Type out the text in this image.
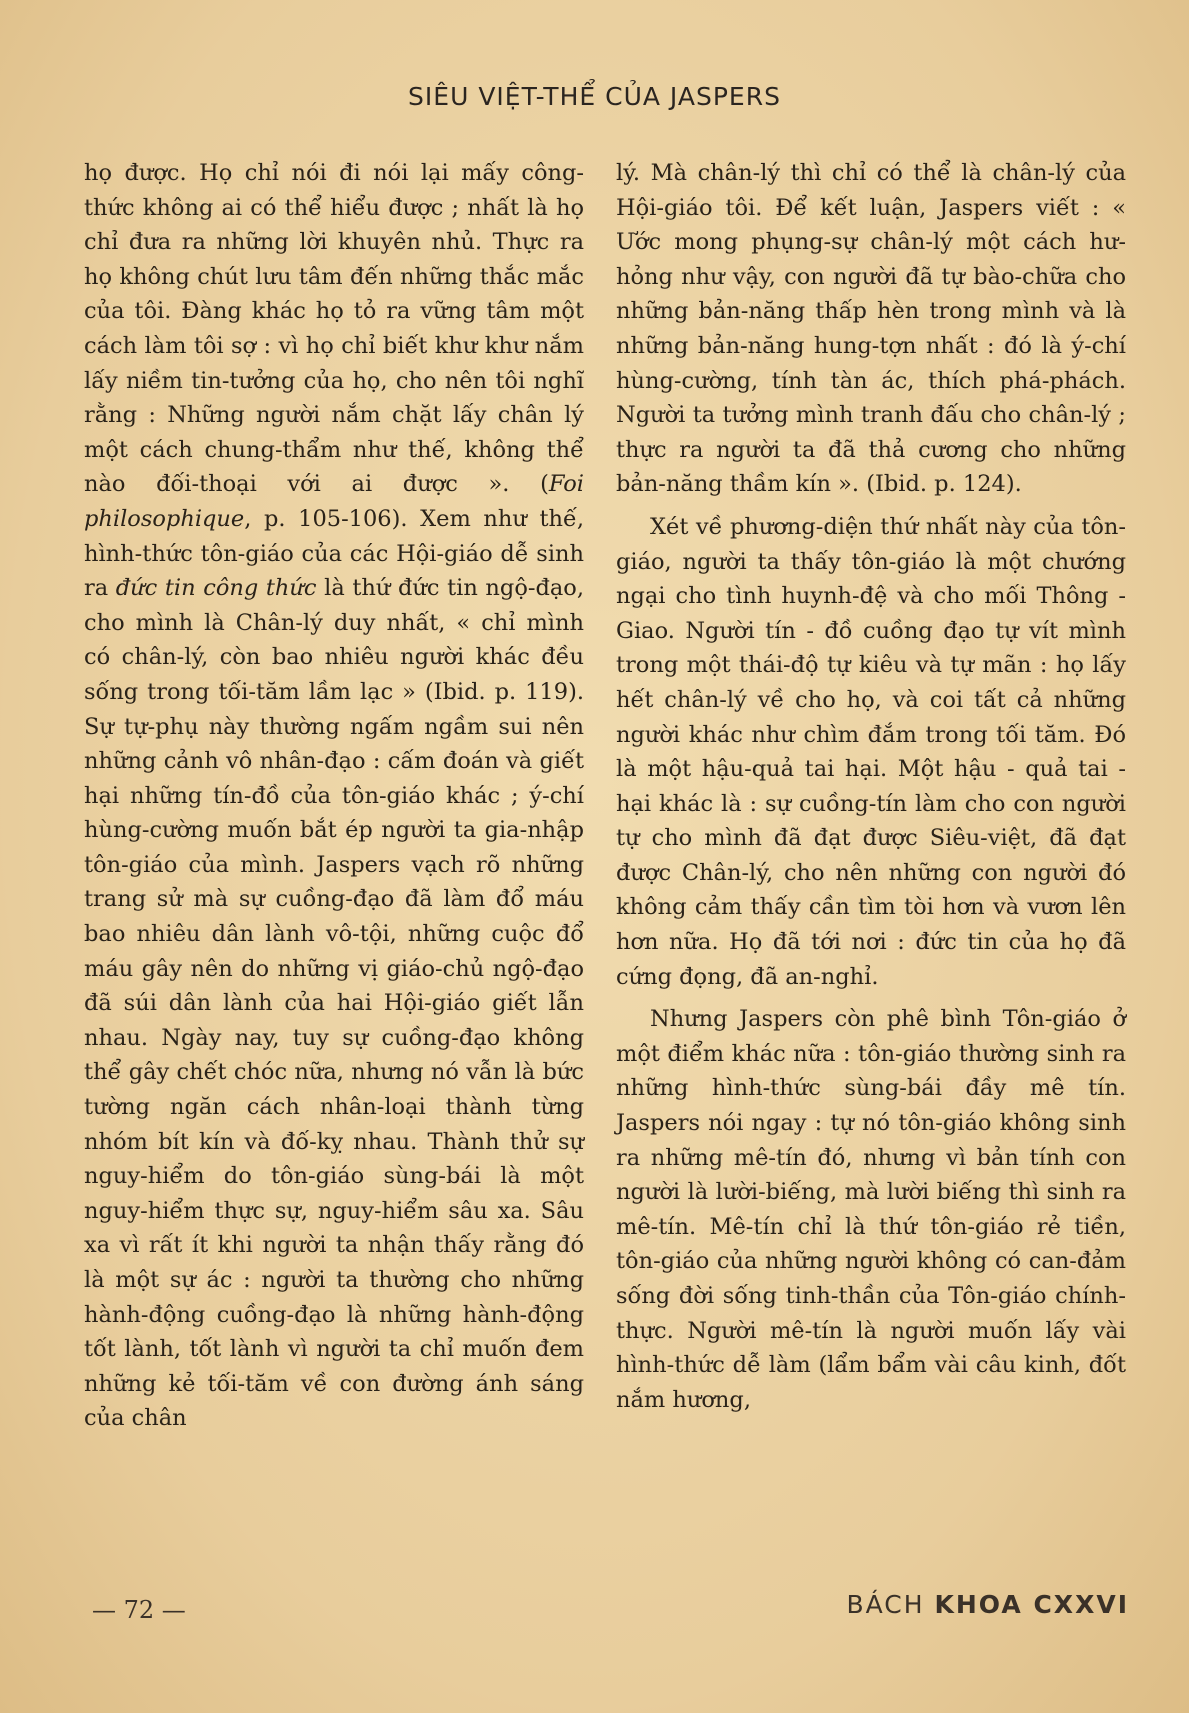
SIÊU VIỆT-THỂ CỦA JASPERS

họ được. Họ chỉ nói đi nói lại mấy công-thức không ai có thể hiểu được ; nhất là họ chỉ đưa ra những lời khuyên nhủ. Thực ra họ không chút lưu tâm đến những thắc mắc của tôi. Đàng khác họ tỏ ra vững tâm một cách làm tôi sợ : vì họ chỉ biết khư khư nắm lấy niềm tin-tưởng của họ, cho nên tôi nghĩ rằng : Những người nắm chặt lấy chân lý một cách chung-thẩm như thế, không thể nào đối-thoại với ai được ». (Foi philosophique, p. 105-106). Xem như thế, hình-thức tôn-giáo của các Hội-giáo dễ sinh ra đức tin công thức là thứ đức tin ngộ-đạo, cho mình là Chân-lý duy nhất, « chỉ mình có chân-lý, còn bao nhiêu người khác đều sống trong tối-tăm lầm lạc » (Ibid. p. 119). Sự tự-phụ này thường ngấm ngầm sui nên những cảnh vô nhân-đạo : cấm đoán và giết hại những tín-đồ của tôn-giáo khác ; ý-chí hùng-cường muốn bắt ép người ta gia-nhập tôn-giáo của mình. Jaspers vạch rõ những trang sử mà sự cuồng-đạo đã làm đổ máu bao nhiêu dân lành vô-tội, những cuộc đổ máu gây nên do những vị giáo-chủ ngộ-đạo đã súi dân lành của hai Hội-giáo giết lẫn nhau. Ngày nay, tuy sự cuồng-đạo không thể gây chết chóc nữa, nhưng nó vẫn là bức tường ngăn cách nhân-loại thành từng nhóm bít kín và đố-kỵ nhau. Thành thử sự nguy-hiểm do tôn-giáo sùng-bái là một nguy-hiểm thực sự, nguy-hiểm sâu xa. Sâu xa vì rất ít khi người ta nhận thấy rằng đó là một sự ác : người ta thường cho những hành-động cuồng-đạo là những hành-động tốt lành, tốt lành vì người ta chỉ muốn đem những kẻ tối-tăm về con đường ánh sáng của chân

lý. Mà chân-lý thì chỉ có thể là chân-lý của Hội-giáo tôi. Để kết luận, Jaspers viết : « Ước mong phụng-sự chân-lý một cách hư-hỏng như vậy, con người đã tự bào-chữa cho những bản-năng thấp hèn trong mình và là những bản-năng hung-tợn nhất : đó là ý-chí hùng-cường, tính tàn ác, thích phá-phách. Người ta tưởng mình tranh đấu cho chân-lý ; thực ra người ta đã thả cương cho những bản-năng thầm kín ». (Ibid. p. 124).

Xét về phương-diện thứ nhất này của tôn-giáo, người ta thấy tôn-giáo là một chướng ngại cho tình huynh-đệ và cho mối Thông - Giao. Người tín - đồ cuồng đạo tự vít mình trong một thái-độ tự kiêu và tự mãn : họ lấy hết chân-lý về cho họ, và coi tất cả những người khác như chìm đắm trong tối tăm. Đó là một hậu-quả tai hại. Một hậu - quả tai - hại khác là : sự cuồng-tín làm cho con người tự cho mình đã đạt được Siêu-việt, đã đạt được Chân-lý, cho nên những con người đó không cảm thấy cần tìm tòi hơn và vươn lên hơn nữa. Họ đã tới nơi : đức tin của họ đã cứng đọng, đã an-nghỉ.

Nhưng Jaspers còn phê bình Tôn-giáo ở một điểm khác nữa : tôn-giáo thường sinh ra những hình-thức sùng-bái đầy mê tín. Jaspers nói ngay : tự nó tôn-giáo không sinh ra những mê-tín đó, nhưng vì bản tính con người là lười-biếng, mà lười biếng thì sinh ra mê-tín. Mê-tín chỉ là thứ tôn-giáo rẻ tiền, tôn-giáo của những người không có can-đảm sống đời sống tinh-thần của Tôn-giáo chính-thực. Người mê-tín là người muốn lấy vài hình-thức dễ làm (lẩm bẩm vài câu kinh, đốt nắm hương,

— 72 —	BÁCH KHOA CXXVI
